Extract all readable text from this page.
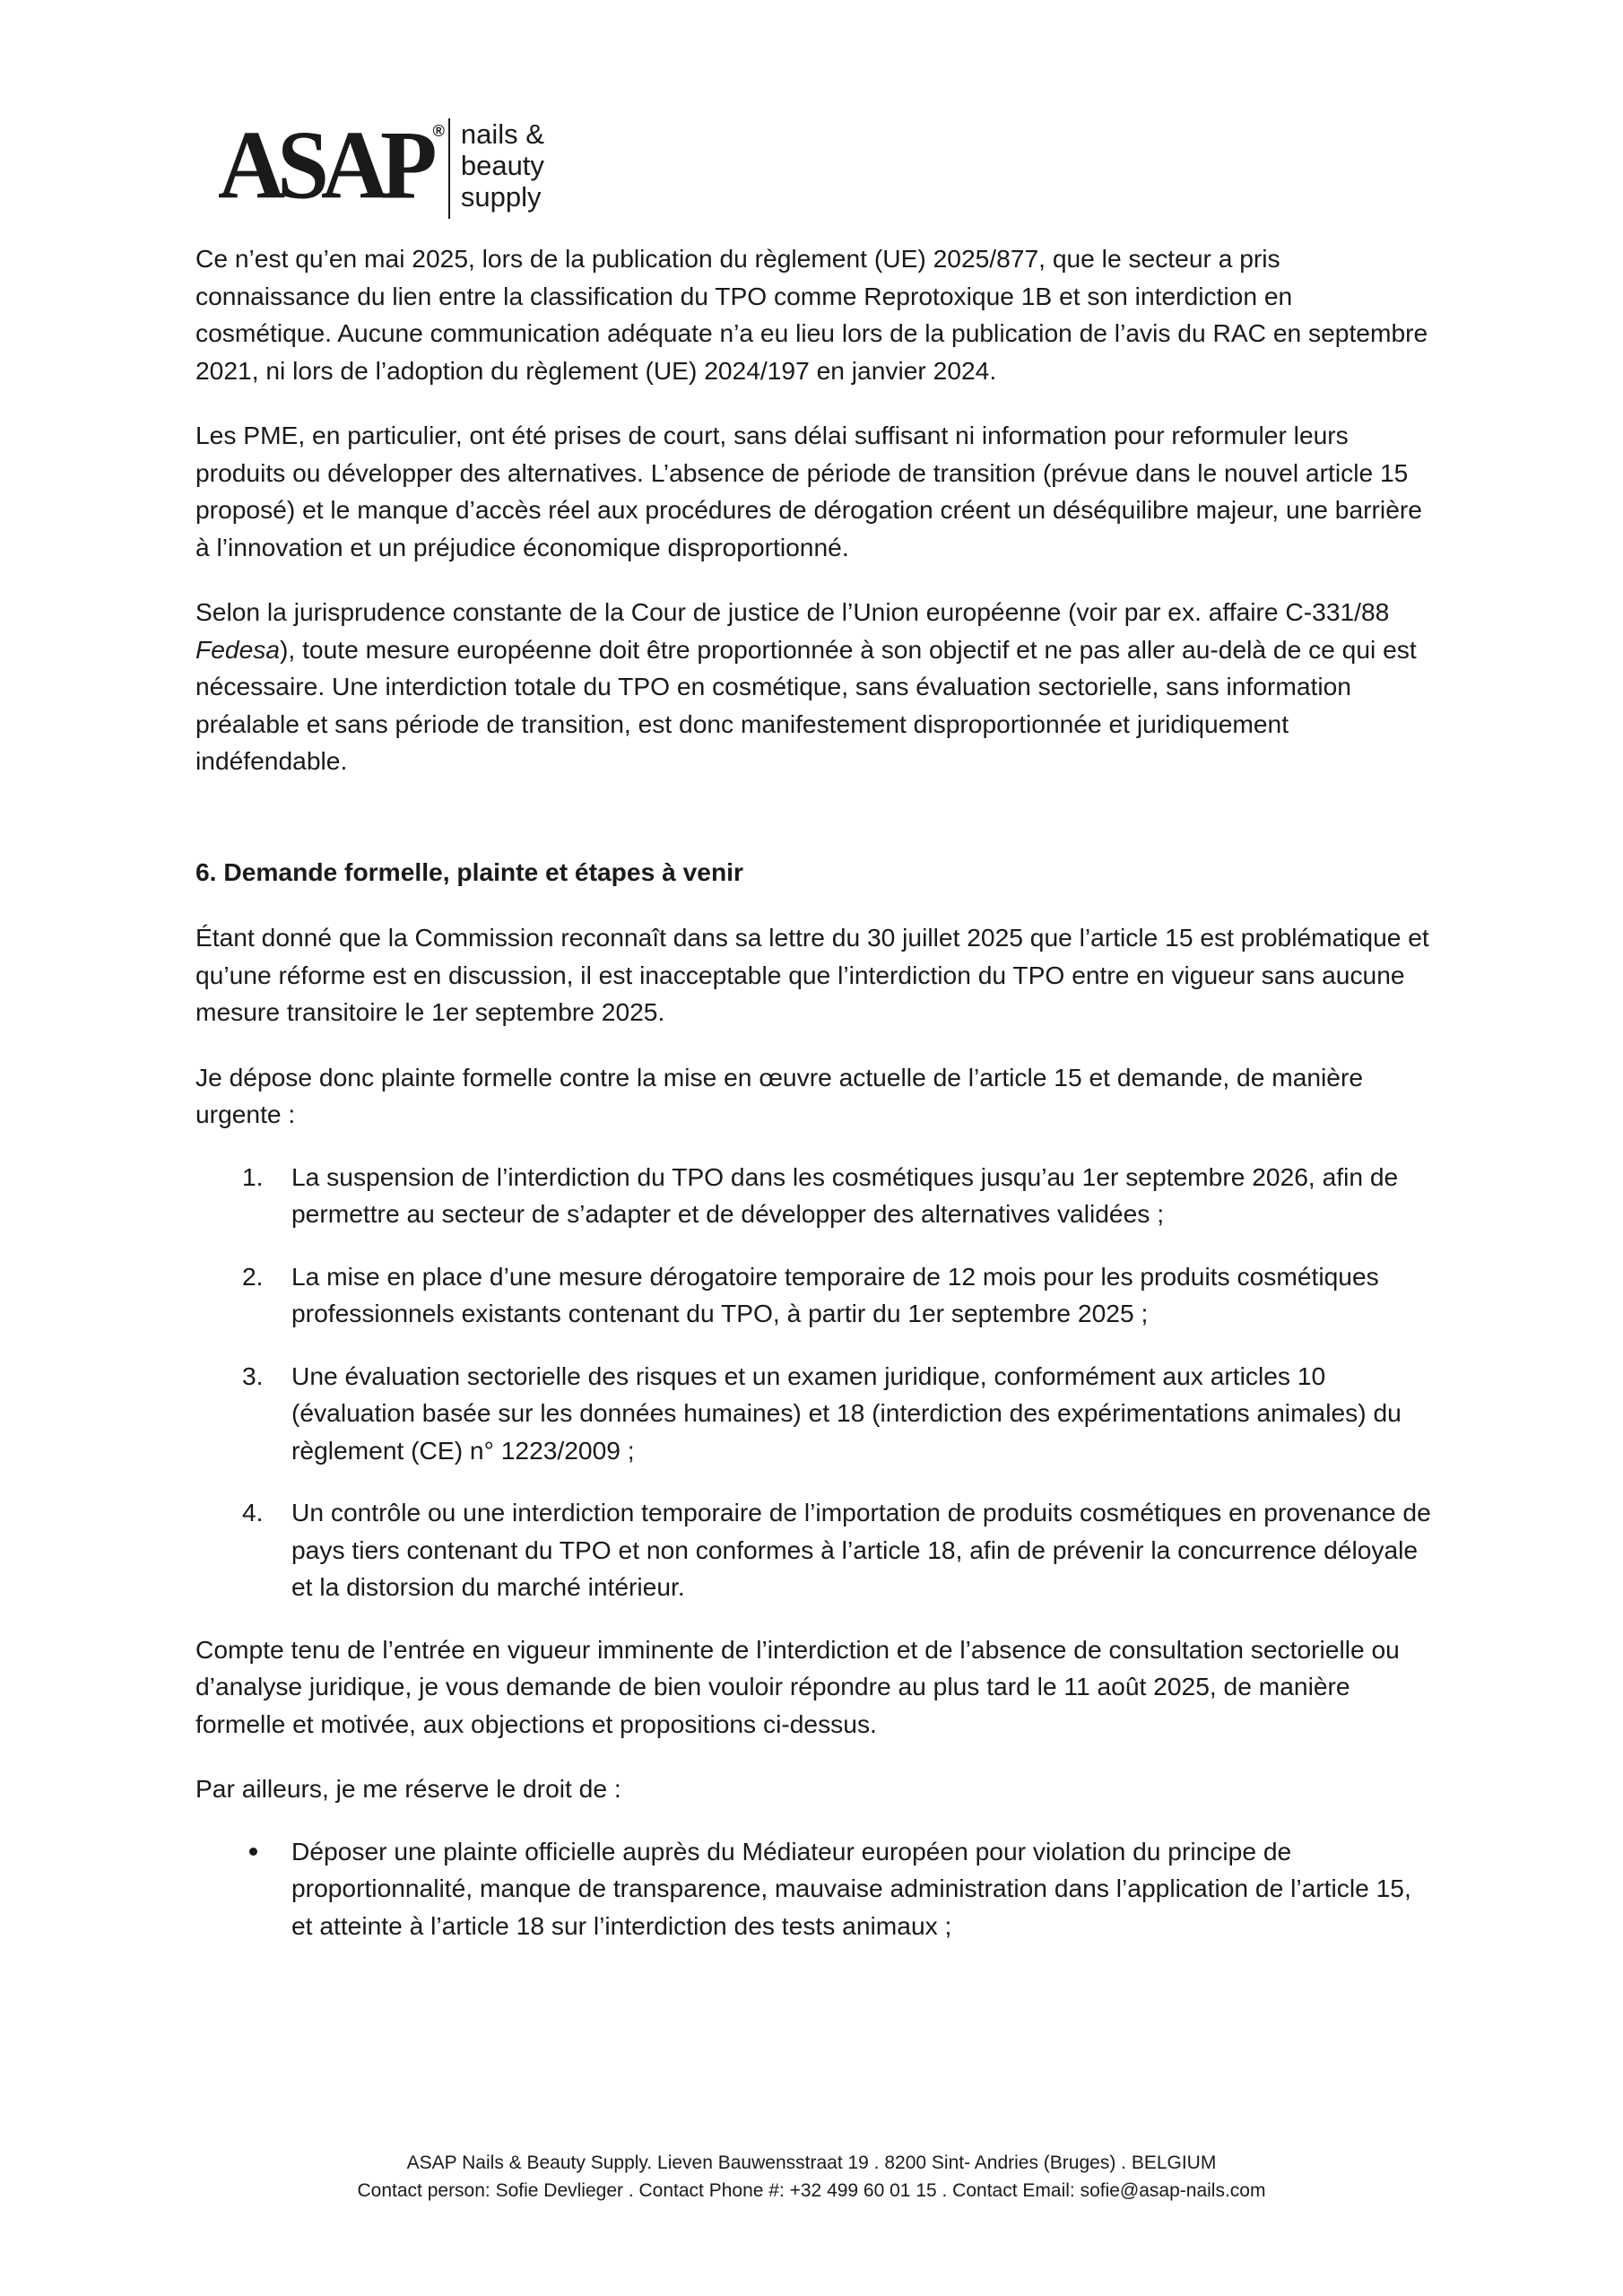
ASAP ® nails &
beauty
supply

Ce n’est qu’en mai 2025, lors de la publication du règlement (UE) 2025/877, que le secteur a pris connaissance du lien entre la classification du TPO comme Reprotoxique 1B et son interdiction en cosmétique. Aucune communication adéquate n’a eu lieu lors de la publication de l’avis du RAC en septembre 2021, ni lors de l’adoption du règlement (UE) 2024/197 en janvier 2024.

Les PME, en particulier, ont été prises de court, sans délai suffisant ni information pour reformuler leurs produits ou développer des alternatives. L’absence de période de transition (prévue dans le nouvel article 15 proposé) et le manque d’accès réel aux procédures de dérogation créent un déséquilibre majeur, une barrière à l’innovation et un préjudice économique disproportionné.

Selon la jurisprudence constante de la Cour de justice de l’Union européenne (voir par ex. affaire C-331/88 Fedesa), toute mesure européenne doit être proportionnée à son objectif et ne pas aller au-delà de ce qui est nécessaire. Une interdiction totale du TPO en cosmétique, sans évaluation sectorielle, sans information préalable et sans période de transition, est donc manifestement disproportionnée et juridiquement indéfendable.

6. Demande formelle, plainte et étapes à venir

Étant donné que la Commission reconnaît dans sa lettre du 30 juillet 2025 que l’article 15 est problématique et qu’une réforme est en discussion, il est inacceptable que l’interdiction du TPO entre en vigueur sans aucune mesure transitoire le 1er septembre 2025.

Je dépose donc plainte formelle contre la mise en œuvre actuelle de l’article 15 et demande, de manière urgente :

1. La suspension de l’interdiction du TPO dans les cosmétiques jusqu’au 1er septembre 2026, afin de permettre au secteur de s’adapter et de développer des alternatives validées ;
2. La mise en place d’une mesure dérogatoire temporaire de 12 mois pour les produits cosmétiques professionnels existants contenant du TPO, à partir du 1er septembre 2025 ;
3. Une évaluation sectorielle des risques et un examen juridique, conformément aux articles 10 (évaluation basée sur les données humaines) et 18 (interdiction des expérimentations animales) du règlement (CE) n° 1223/2009 ;
4. Un contrôle ou une interdiction temporaire de l’importation de produits cosmétiques en provenance de pays tiers contenant du TPO et non conformes à l’article 18, afin de prévenir la concurrence déloyale et la distorsion du marché intérieur.

Compte tenu de l’entrée en vigueur imminente de l’interdiction et de l’absence de consultation sectorielle ou d’analyse juridique, je vous demande de bien vouloir répondre au plus tard le 11 août 2025, de manière formelle et motivée, aux objections et propositions ci-dessus.

Par ailleurs, je me réserve le droit de :

Déposer une plainte officielle auprès du Médiateur européen pour violation du principe de proportionnalité, manque de transparence, mauvaise administration dans l’application de l’article 15, et atteinte à l’article 18 sur l’interdiction des tests animaux ;
ASAP Nails & Beauty Supply. Lieven Bauwensstraat 19 . 8200 Sint- Andries (Bruges) . BELGIUM
Contact person: Sofie Devlieger . Contact Phone #: +32 499 60 01 15 . Contact Email: sofie@asap-nails.com
